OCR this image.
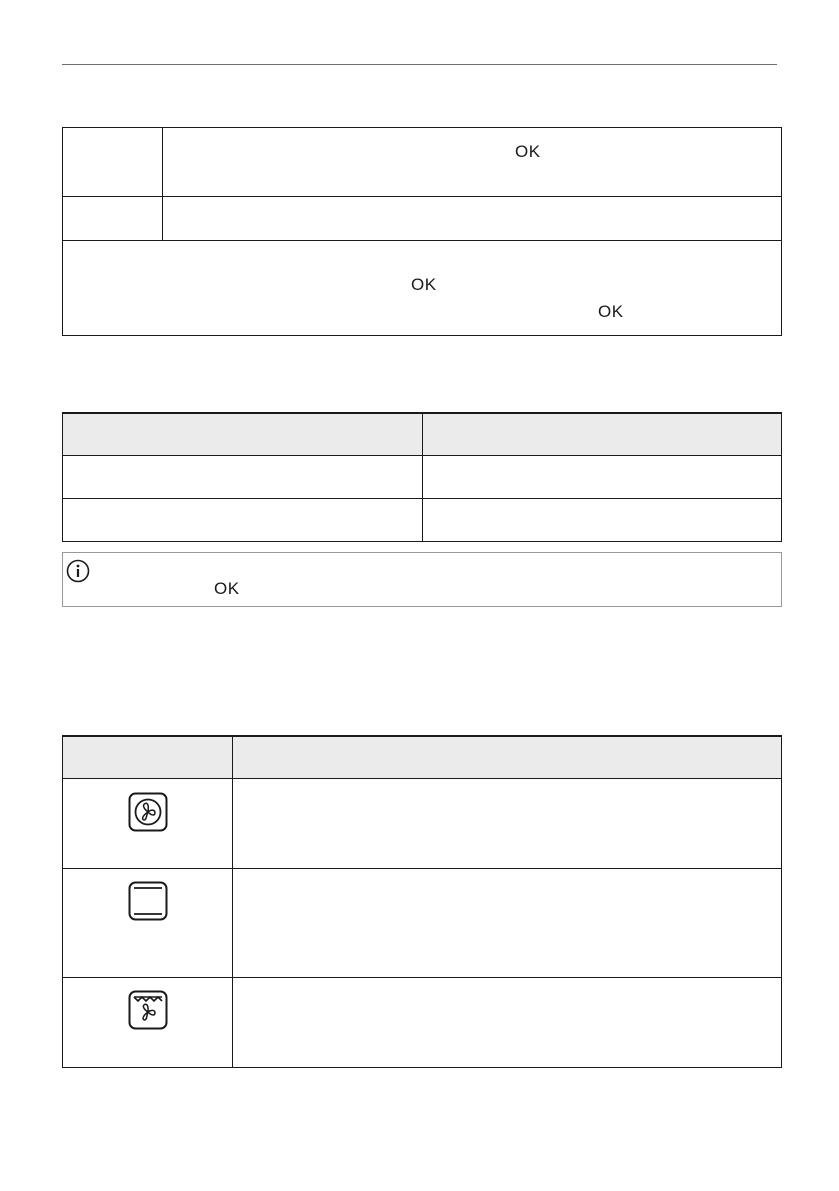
OK
OK
OK
OK
